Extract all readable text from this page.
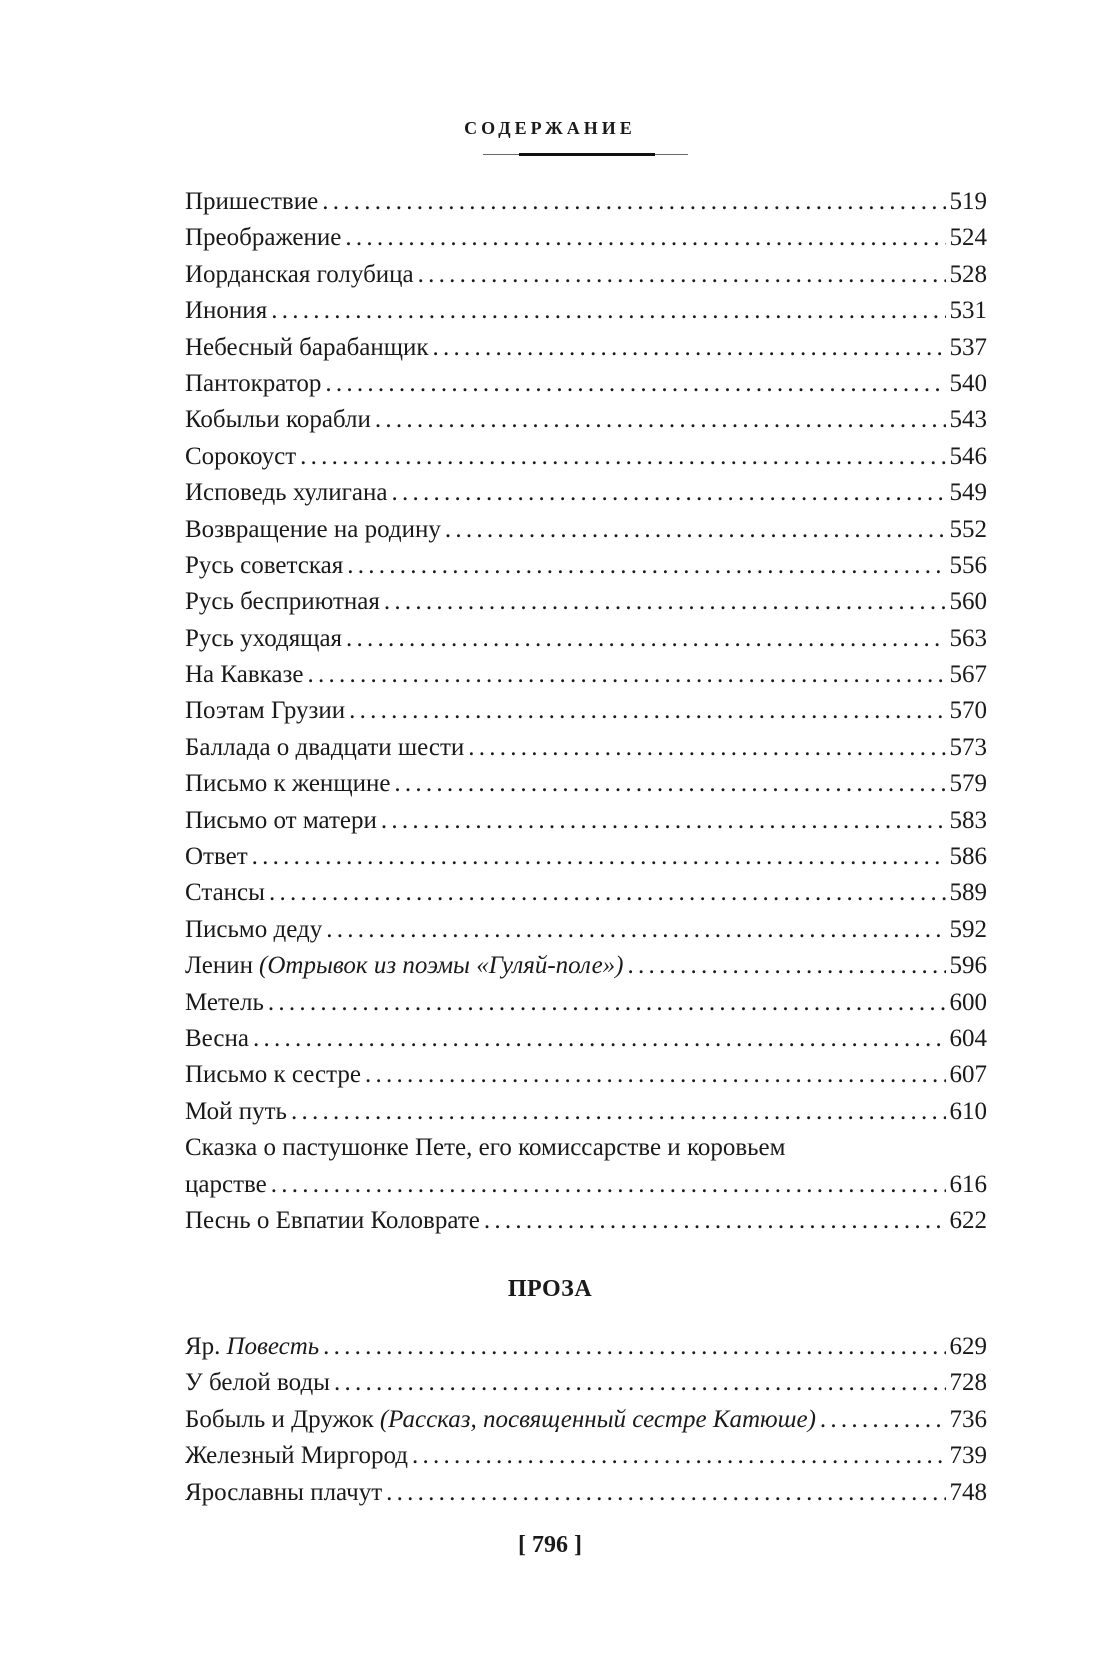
СОДЕРЖАНИЕ
Пришествие . . .	519
Преображение . . .	524
Иорданская голубица . . .	528
Инония . . .	531
Небесный барабанщик . . .	537
Пантократор . . .	540
Кобыльи корабли . . .	543
Сорокоуст . . .	546
Исповедь хулигана . . .	549
Возвращение на родину . . .	552
Русь советская . . .	556
Русь бесприютная . . .	560
Русь уходящая . . .	563
На Кавказе . . .	567
Поэтам Грузии . . .	570
Баллада о двадцати шести . . .	573
Письмо к женщине . . .	579
Письмо от матери . . .	583
Ответ . . .	586
Стансы . . .	589
Письмо деду . . .	592
Ленин (Отрывок из поэмы «Гуляй-поле») . . .	596
Метель . . .	600
Весна . . .	604
Письмо к сестре . . .	607
Мой путь . . .	610
Сказка о пастушонке Пете, его комиссарстве и коровьем
царстве . . .	616
Песнь о Евпатии Коловрате . . .	622
ПРОЗА
Яр. Повесть . . .	629
У белой воды . . .	728
Бобыль и Дружок (Рассказ, посвященный сестре Катюше) . . .	736
Железный Миргород . . .	739
Ярославны плачут . . .	748
[ 796 ]
